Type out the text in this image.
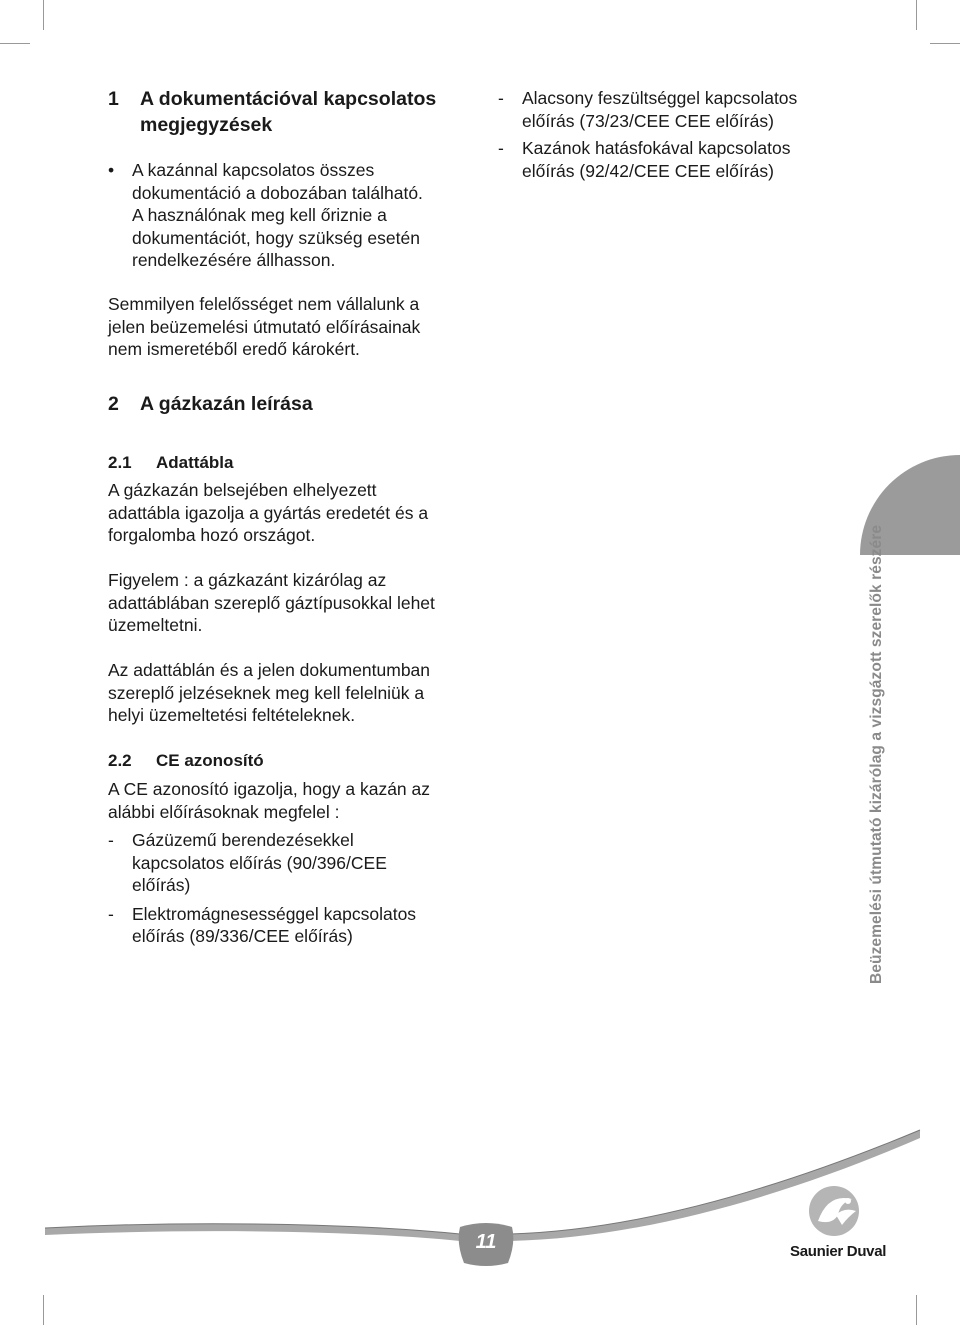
1 A dokumentációval kapcsolatos
megjegyzések
•	A kazánnal kapcsolatos összes
dokumentáció a dobozában található.
A használónak meg kell őriznie a
dokumentációt, hogy szükség esetén
rendelkezésére állhasson.
Semmilyen felelősséget nem vállalunk a
jelen beüzemelési útmutató előírásainak
nem ismeretéből eredő károkért.
-	Alacsony feszültséggel kapcsolatos
előírás (73/23/CEE CEE előírás)
-	Kazánok hatásfokával kapcsolatos
előírás (92/42/CEE CEE előírás)
2 A gázkazán leírása
2.1 Adattábla
A gázkazán belsejében elhelyezett
adattábla igazolja a gyártás eredetét és a
forgalomba hozó országot.
Figyelem : a gázkazánt kizárólag az
adattáblában szereplő gáztípusokkal lehet
üzemeltetni.
Az adattáblán és a jelen dokumentumban
szereplő jelzéseknek meg kell felelniük a
helyi üzemeltetési feltételeknek.
2.2 CE azonosító
A CE azonosító igazolja, hogy a kazán az
alábbi előírásoknak megfelel :
-	Gázüzemű berendezésekkel
kapcsolatos előírás (90/396/CEE
előírás)
-	Elektromágnesességgel kapcsolatos
előírás (89/336/CEE előírás)	Beüzemelési útmutató kizárólag a vizsgázott szerelők részére
11	Saunier Duval
